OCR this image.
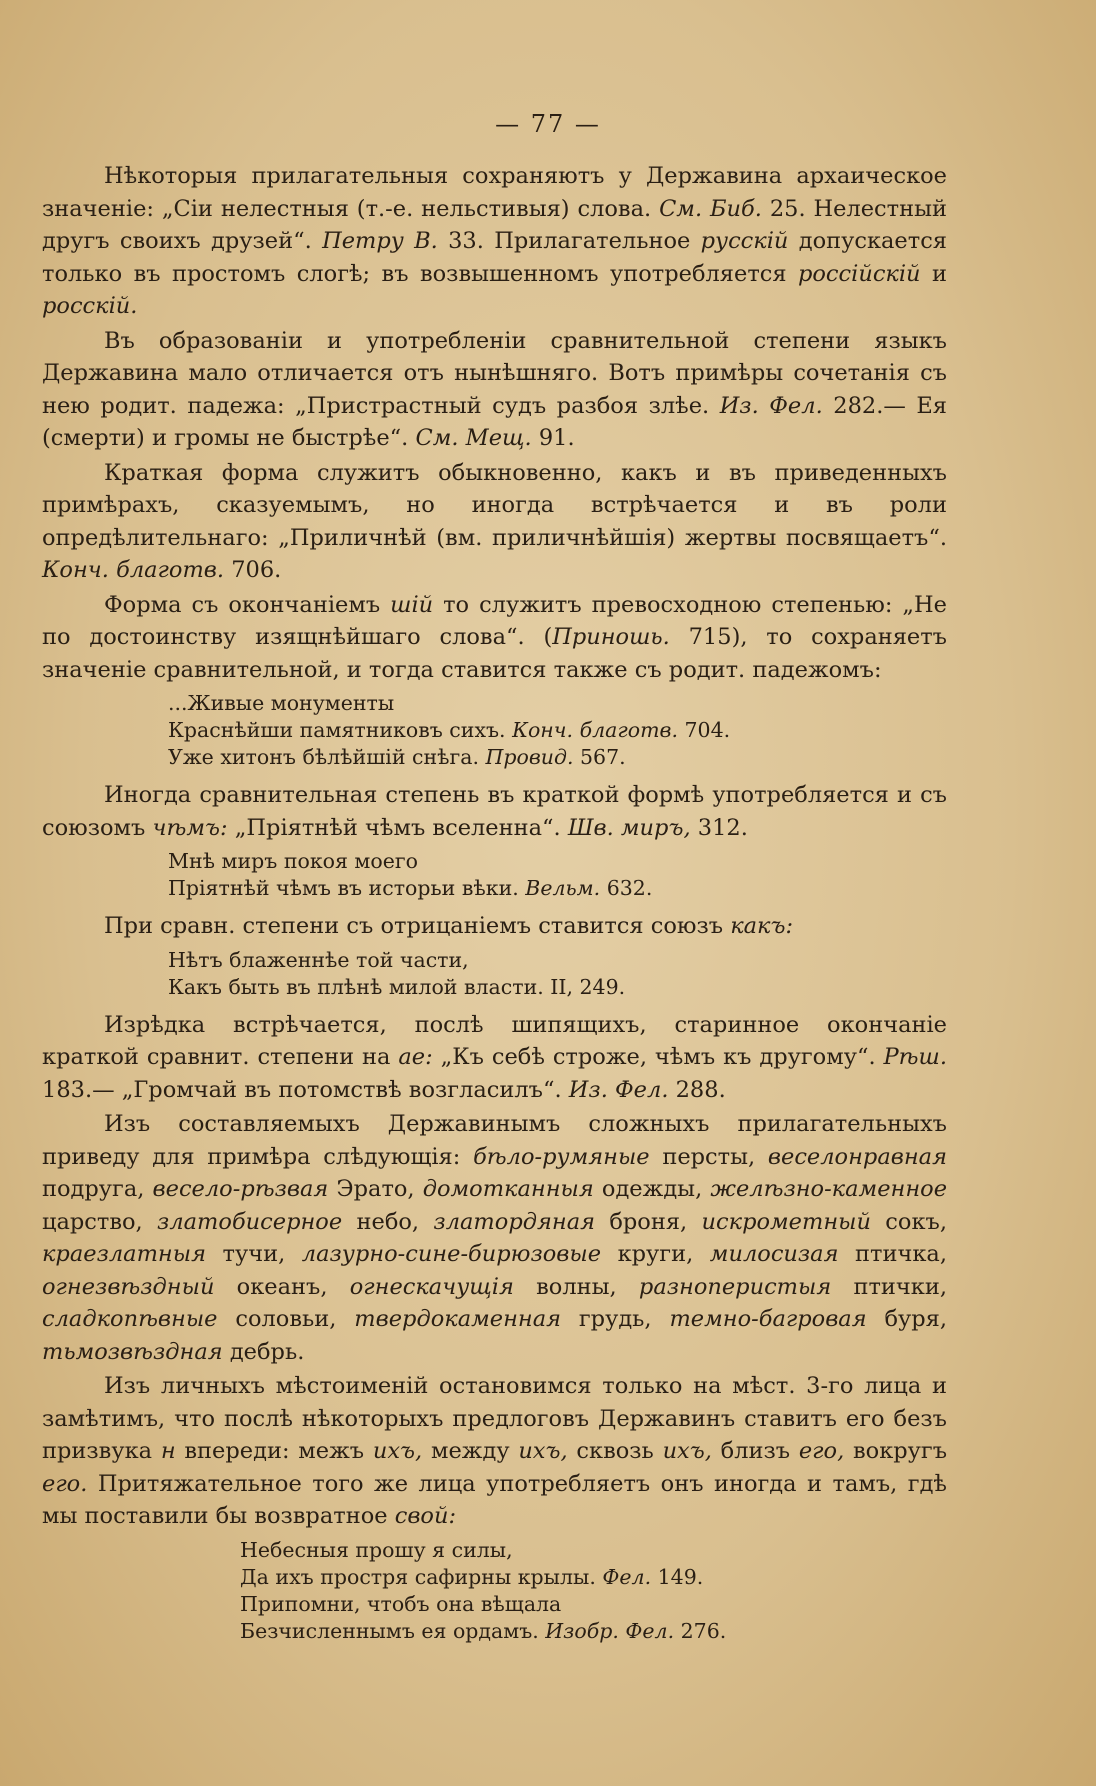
— 77 —

Нѣкоторыя прилагательныя сохраняютъ у Державина архаическое значенiе: „Сiи нелестныя (т.-е. нельстивыя) слова. См. Биб. 25. Нелестный другъ своихъ друзей“. Петру В. 33. Прилагательное русскiй допускается только въ простомъ слогѣ; въ возвышенномъ употребляется россiйскiй и росскiй.

Въ образованiи и употребленiи сравнительной степени языкъ Державина мало отличается отъ нынѣшняго. Вотъ примѣры сочетанiя съ нею родит. падежа: „Пристрастный судъ разбоя злѣе. Из. Фел. 282.— Ея (смерти) и громы не быстрѣе“. См. Мещ. 91.

Краткая форма служитъ обыкновенно, какъ и въ приведенныхъ примѣрахъ, сказуемымъ, но иногда встрѣчается и въ роли опредѣлительнаго: „Приличнѣй (вм. приличнѣйшiя) жертвы посвящаетъ“. Конч. благотв. 706.

Форма съ окончанiемъ шiй то служитъ превосходною степенью: „Не по достоинству изящнѣйшаго слова“. (Приношь. 715), то сохраняетъ значенiе сравнительной, и тогда ставится также съ родит. падежомъ:

...Живые монументы
Краснѣйши памятниковъ сихъ. Конч. благотв. 704.
Уже хитонъ бѣлѣйшiй снѣга. Провид. 567.

Иногда сравнительная степень въ краткой формѣ употребляется и съ союзомъ чѣмъ: „Прiятнѣй чѣмъ вселенна“. Шв. миръ, 312.

Мнѣ миръ покоя моего
Прiятнѣй чѣмъ въ исторьи вѣки. Вельм. 632.

При сравн. степени съ отрицанiемъ ставится союзъ какъ:

Нѣтъ блаженнѣе той части,
Какъ быть въ плѣнѣ милой власти. II, 249.

Изрѣдка встрѣчается, послѣ шипящихъ, старинное окончанiе краткой сравнит. степени на ае: „Къ себѣ строже, чѣмъ къ другому“. Рѣш. 183.— „Громчай въ потомствѣ возгласилъ“. Из. Фел. 288.

Изъ составляемыхъ Державинымъ сложныхъ прилагательныхъ приведу для примѣра слѣдующiя: бѣло-румяные персты, веселонравная подруга, весело-рѣзвая Эрато, домотканныя одежды, желѣзно-каменное царство, златобисерное небо, златордяная броня, искрометный сокъ, краезлатныя тучи, лазурно-сине-бирюзовые круги, милосизая птичка, огнезвѣздный океанъ, огнескачущiя волны, разноперистыя птички, сладкопѣвные соловьи, твердокаменная грудь, темно-багровая буря, тьмозвѣздная дебрь.

Изъ личныхъ мѣстоименiй остановимся только на мѣст. 3-го лица и замѣтимъ, что послѣ нѣкоторыхъ предлоговъ Державинъ ставитъ его безъ призвука н впереди: межъ ихъ, между ихъ, сквозь ихъ, близъ его, вокругъ его. Притяжательное того же лица употребляетъ онъ иногда и тамъ, гдѣ мы поставили бы возвратное свой:

Небесныя прошу я силы,
Да ихъ простря сафирны крылы. Фел. 149.
Припомни, чтобъ она вѣщала
Безчисленнымъ ея ордамъ. Изобр. Фел. 276.
